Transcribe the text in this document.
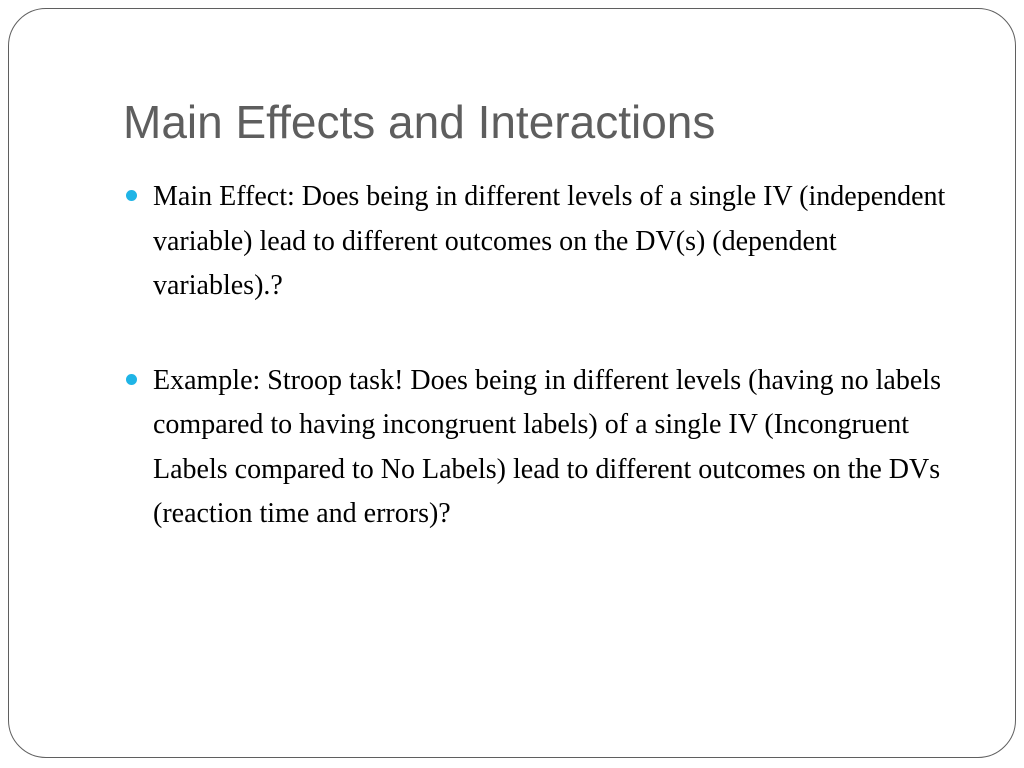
Main Effects and Interactions
Main Effect: Does being in different levels of a single IV (independent variable) lead to different outcomes on the DV(s) (dependent variables).?
Example: Stroop task! Does being in different levels (having no labels compared to having incongruent labels) of a single IV (Incongruent Labels compared to No Labels) lead to different outcomes on the DVs (reaction time and errors)?
